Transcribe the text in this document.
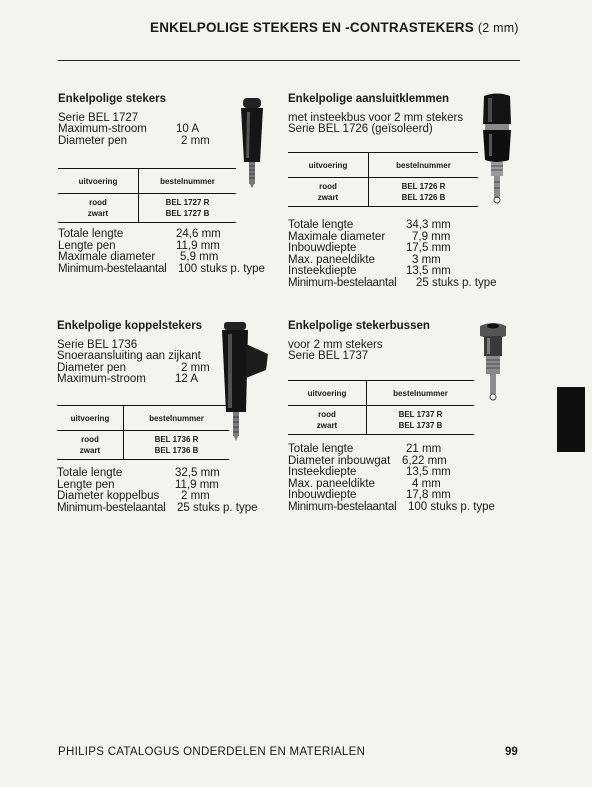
ENKELPOLIGE STEKERS EN -CONTRASTEKERS (2 mm)
Enkelpolige stekers
Serie BEL 1727
Maximum-stroom	10 A
Diameter pen	2 mm

uitvoering	bestelnummer

rood	BEL 1727 R
zwart	BEL 1727 B

Totale lengte	24,6 mm
Lengte pen	11,9 mm
Maximale diameter	5,9 mm
Minimum-bestelaantal	100 stuks p. type
Enkelpolige aansluitklemmen
met insteekbus voor 2 mm stekers
Serie BEL 1726 (geïsoleerd)

uitvoering	bestelnummer

rood	BEL 1726 R
zwart	BEL 1726 B

Totale lengte	34,3 mm
Maximale diameter	7,9 mm
Inbouwdiepte	17,5 mm
Max. paneeldikte	3 mm
Insteekdiepte	13,5 mm
Minimum-bestelaantal	25 stuks p. type
Enkelpolige koppelstekers
Serie BEL 1736
Snoeraansluiting aan zijkant
Diameter pen	2 mm
Maximum-stroom	12 A

uitvoering	bestelnummer

rood	BEL 1736 R
zwart	BEL 1736 B

Totale lengte	32,5 mm
Lengte pen	11,9 mm
Diameter koppelbus	2 mm
Minimum-bestelaantal	25 stuks p. type
Enkelpolige stekerbussen
voor 2 mm stekers
Serie BEL 1737

uitvoering	bestelnummer

rood	BEL 1737 R
zwart	BEL 1737 B

Totale lengte	21 mm
Diameter inbouwgat	6,22 mm
Insteekdiepte	13,5 mm
Max. paneeldikte	4 mm
Inbouwdiepte	17,8 mm
Minimum-bestelaantal	100 stuks p. type
PHILIPS CATALOGUS ONDERDELEN EN MATERIALEN	99
